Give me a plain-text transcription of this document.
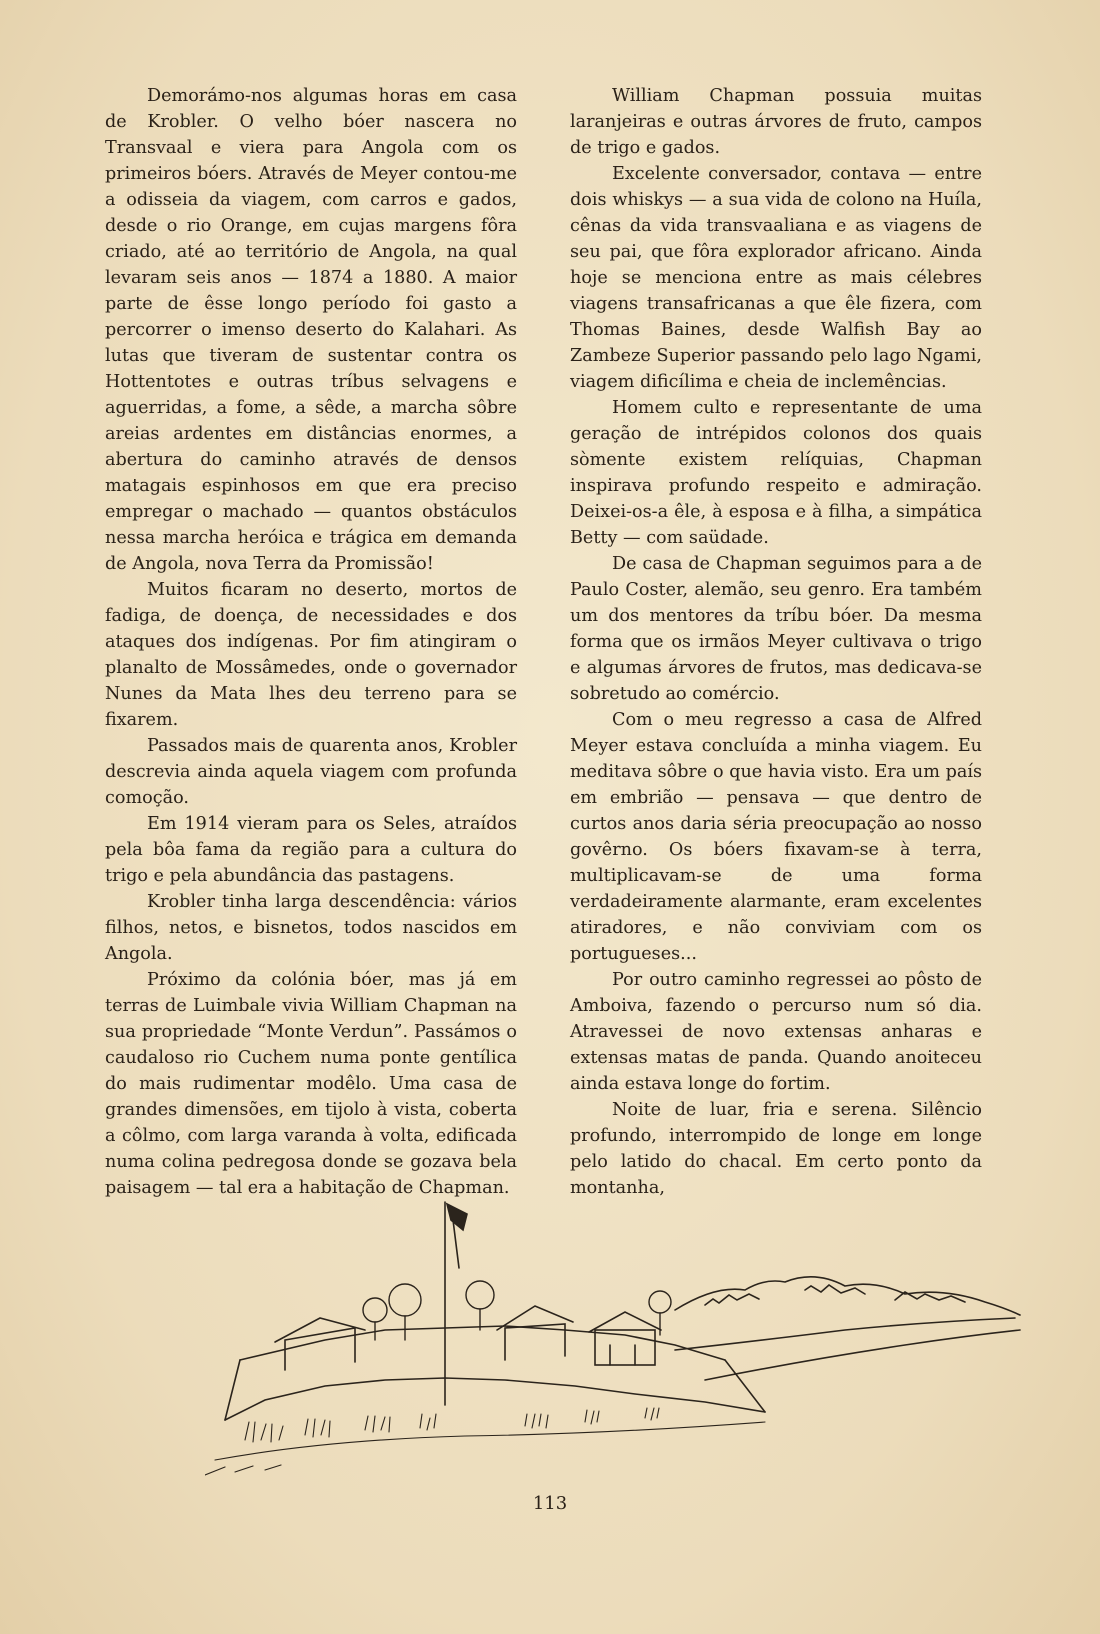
Demorámo-nos algumas horas em casa de Krobler. O velho bóer nascera no Transvaal e viera para Angola com os primeiros bóers. Através de Meyer contou-me a odisseia da viagem, com carros e gados, desde o rio Orange, em cujas margens fôra criado, até ao território de Angola, na qual levaram seis anos — 1874 a 1880. A maior parte de êsse longo período foi gasto a percorrer o imenso deserto do Kalahari. As lutas que tiveram de sustentar contra os Hottentotes e outras tríbus selvagens e aguerridas, a fome, a sêde, a marcha sôbre areias ardentes em distâncias enormes, a abertura do caminho através de densos matagais espinhosos em que era preciso empregar o machado — quantos obstáculos nessa marcha heróica e trágica em demanda de Angola, nova Terra da Promissão!

Muitos ficaram no deserto, mortos de fadiga, de doença, de necessidades e dos ataques dos indígenas. Por fim atingiram o planalto de Mossâmedes, onde o governador Nunes da Mata lhes deu terreno para se fixarem.

Passados mais de quarenta anos, Krobler descrevia ainda aquela viagem com profunda comoção.

Em 1914 vieram para os Seles, atraídos pela bôa fama da região para a cultura do trigo e pela abundância das pastagens.

Krobler tinha larga descendência: vários filhos, netos, e bisnetos, todos nascidos em Angola.

Próximo da colónia bóer, mas já em terras de Luimbale vivia William Chapman na sua propriedade “Monte Verdun”. Passámos o caudaloso rio Cuchem numa ponte gentílica do mais rudimentar modêlo. Uma casa de grandes dimensões, em tijolo à vista, coberta a côlmo, com larga varanda à volta, edificada numa colina pedregosa donde se gozava bela paisagem — tal era a habitação de Chapman.

William Chapman possuia muitas laranjeiras e outras árvores de fruto, campos de trigo e gados.

Excelente conversador, contava — entre dois whiskys — a sua vida de colono na Huíla, cênas da vida transvaaliana e as viagens de seu pai, que fôra explorador africano. Ainda hoje se menciona entre as mais célebres viagens transafricanas a que êle fizera, com Thomas Baines, desde Walfish Bay ao Zambeze Superior passando pelo lago Ngami, viagem dificílima e cheia de inclemências.

Homem culto e representante de uma geração de intrépidos colonos dos quais sòmente existem relíquias, Chapman inspirava profundo respeito e admiração. Deixei-os-a êle, à esposa e à filha, a simpática Betty — com saüdade.

De casa de Chapman seguimos para a de Paulo Coster, alemão, seu genro. Era também um dos mentores da tríbu bóer. Da mesma forma que os irmãos Meyer cultivava o trigo e algumas árvores de frutos, mas dedicava-se sobretudo ao comércio.

Com o meu regresso a casa de Alfred Meyer estava concluída a minha viagem. Eu meditava sôbre o que havia visto. Era um país em embrião — pensava — que dentro de curtos anos daria séria preocupação ao nosso govêrno. Os bóers fixavam-se à terra, multiplicavam-se de uma forma verdadeiramente alarmante, eram excelentes atiradores, e não conviviam com os portugueses...

Por outro caminho regressei ao pôsto de Amboiva, fazendo o percurso num só dia. Atravessei de novo extensas anharas e extensas matas de panda. Quando anoiteceu ainda estava longe do fortim.

Noite de luar, fria e serena. Silêncio profundo, interrompido de longe em longe pelo latido do chacal. Em certo ponto da montanha,

113
